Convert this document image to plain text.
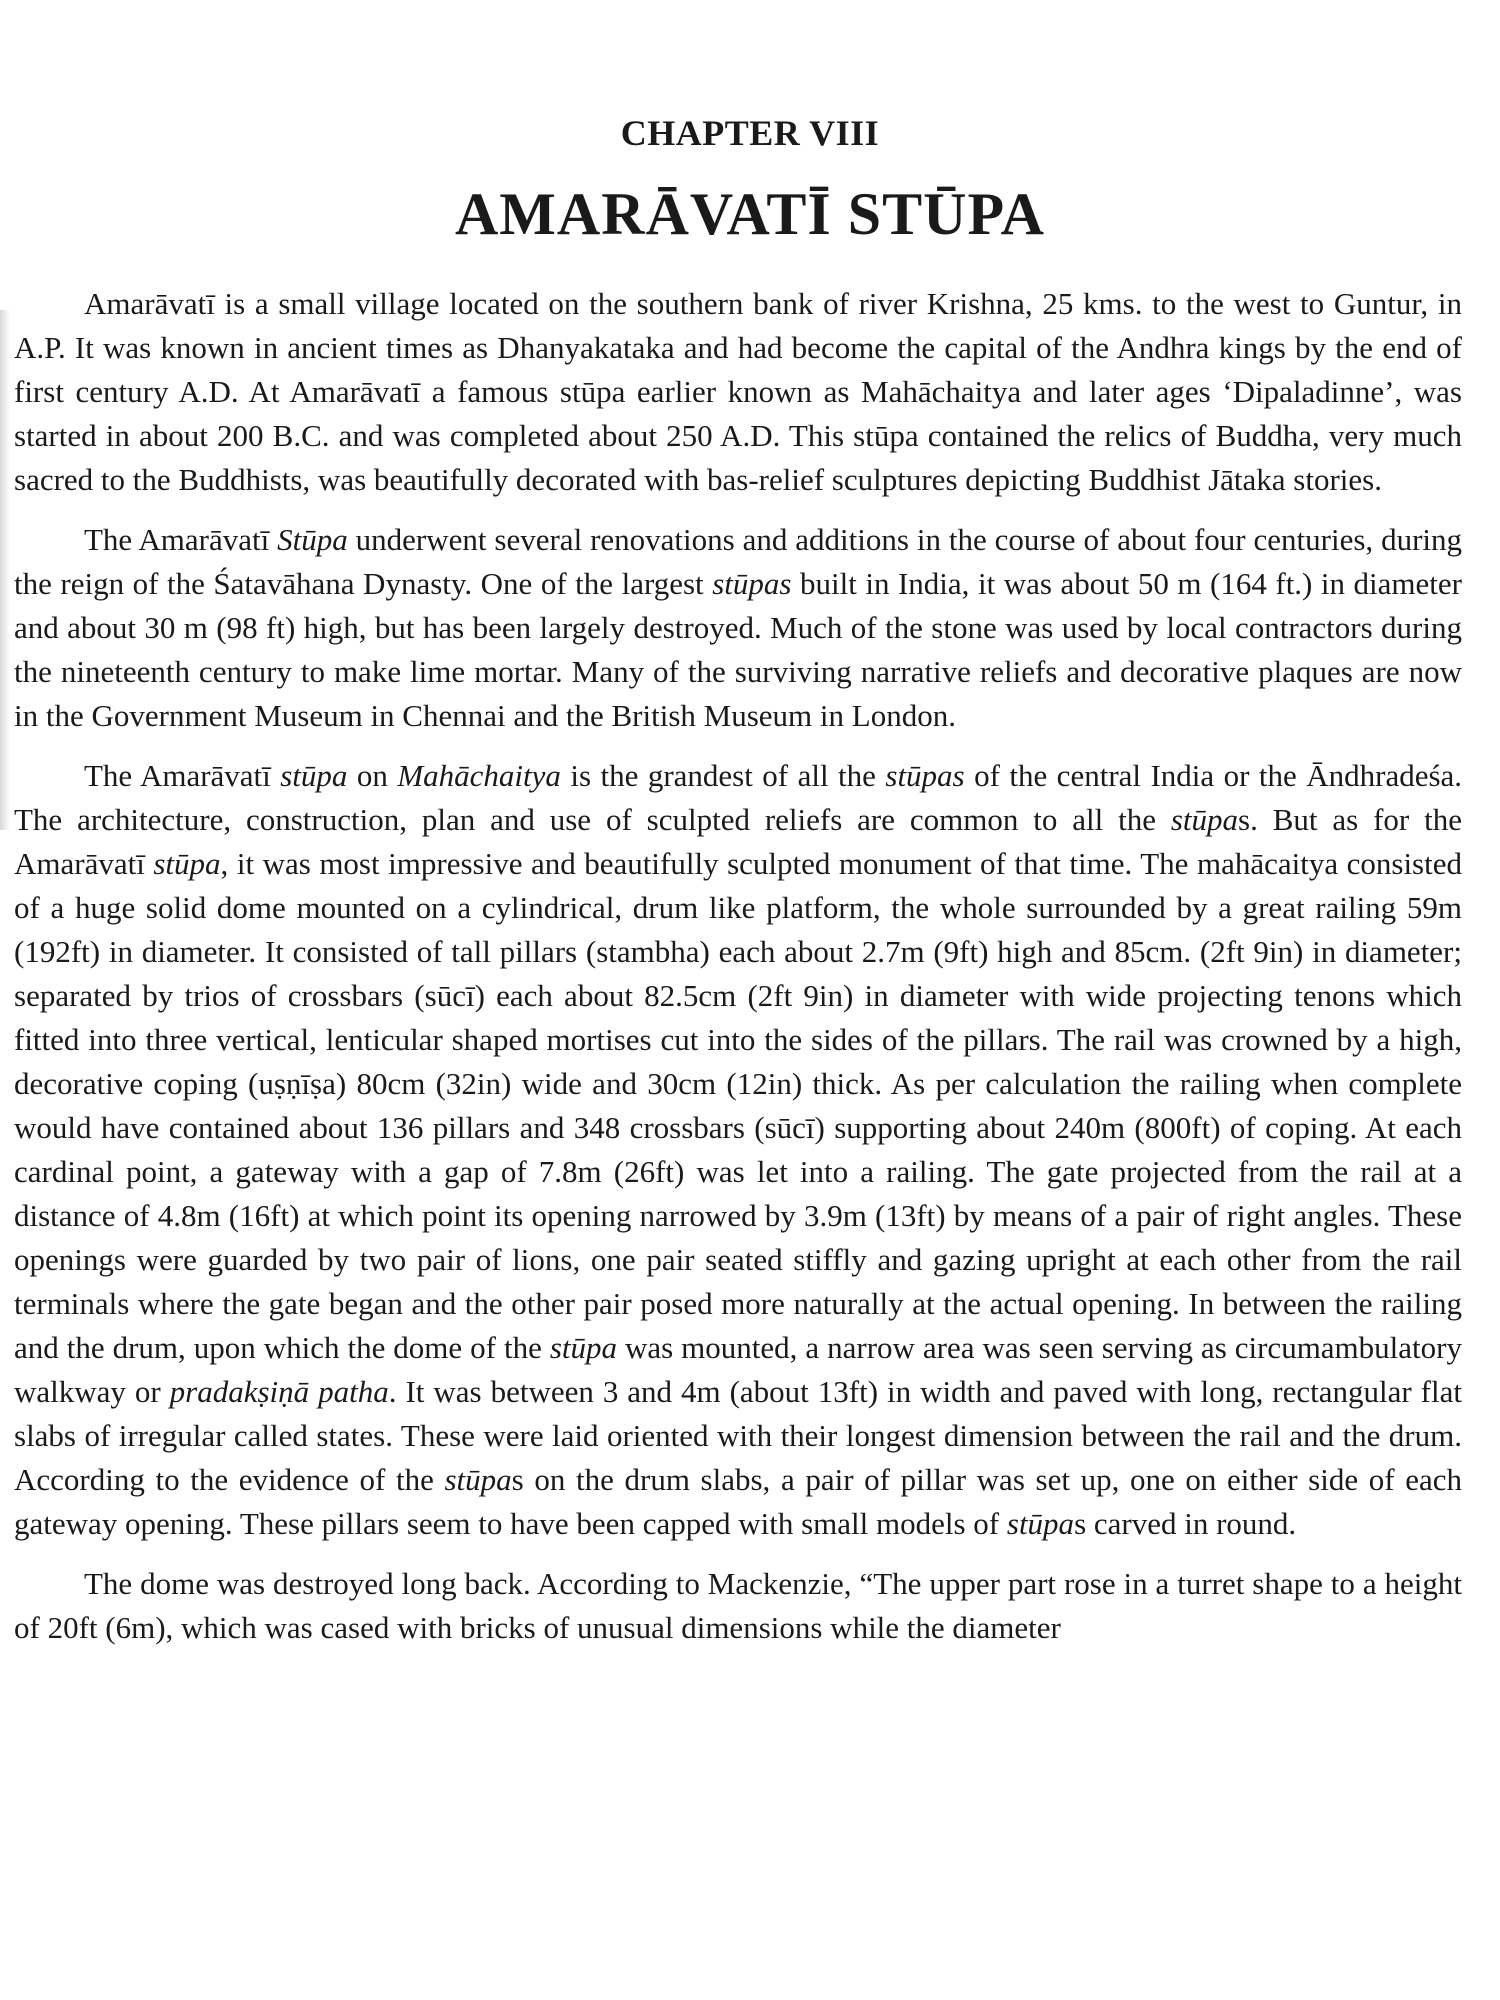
CHAPTER VIII
AMARĀVATĪ STŪPA

Amarāvatī is a small village located on the southern bank of river Krishna, 25 kms. to the west to Guntur, in A.P. It was known in ancient times as Dhanyakataka and had become the capital of the Andhra kings by the end of first century A.D. At Amarāvatī a famous stūpa earlier known as Mahāchaitya and later ages ‘Dipaladinne’, was started in about 200 B.C. and was completed about 250 A.D. This stūpa contained the relics of Buddha, very much sacred to the Buddhists, was beautifully decorated with bas-relief sculptures depicting Buddhist Jātaka stories.

The Amarāvatī Stūpa underwent several renovations and additions in the course of about four centuries, during the reign of the Śatavāhana Dynasty. One of the largest stūpas built in India, it was about 50 m (164 ft.) in diameter and about 30 m (98 ft) high, but has been largely destroyed. Much of the stone was used by local contractors during the nineteenth century to make lime mortar. Many of the surviving narrative reliefs and decorative plaques are now in the Government Museum in Chennai and the British Museum in London.

The Amarāvatī stūpa on Mahāchaitya is the grandest of all the stūpas of the central India or the Āndhradeśa. The architecture, construction, plan and use of sculpted reliefs are common to all the stūpas. But as for the Amarāvatī stūpa, it was most impressive and beautifully sculpted monument of that time. The mahācaitya consisted of a huge solid dome mounted on a cylindrical, drum like platform, the whole surrounded by a great railing 59m (192ft) in diameter. It consisted of tall pillars (stambha) each about 2.7m (9ft) high and 85cm. (2ft 9in) in diameter; separated by trios of crossbars (sūcī) each about 82.5cm (2ft 9in) in diameter with wide projecting tenons which fitted into three vertical, lenticular shaped mortises cut into the sides of the pillars. The rail was crowned by a high, decorative coping (uṣṇīṣa) 80cm (32in) wide and 30cm (12in) thick. As per calculation the railing when complete would have contained about 136 pillars and 348 crossbars (sūcī) supporting about 240m (800ft) of coping. At each cardinal point, a gateway with a gap of 7.8m (26ft) was let into a railing. The gate projected from the rail at a distance of 4.8m (16ft) at which point its opening narrowed by 3.9m (13ft) by means of a pair of right angles. These openings were guarded by two pair of lions, one pair seated stiffly and gazing upright at each other from the rail terminals where the gate began and the other pair posed more naturally at the actual opening. In between the railing and the drum, upon which the dome of the stūpa was mounted, a narrow area was seen serving as circumambulatory walkway or pradakṣiṇā patha. It was between 3 and 4m (about 13ft) in width and paved with long, rectangular flat slabs of irregular called states. These were laid oriented with their longest dimension between the rail and the drum. According to the evidence of the stūpas on the drum slabs, a pair of pillar was set up, one on either side of each gateway opening. These pillars seem to have been capped with small models of stūpas carved in round.

The dome was destroyed long back. According to Mackenzie, “The upper part rose in a turret shape to a height of 20ft (6m), which was cased with bricks of unusual dimensions while the diameter
